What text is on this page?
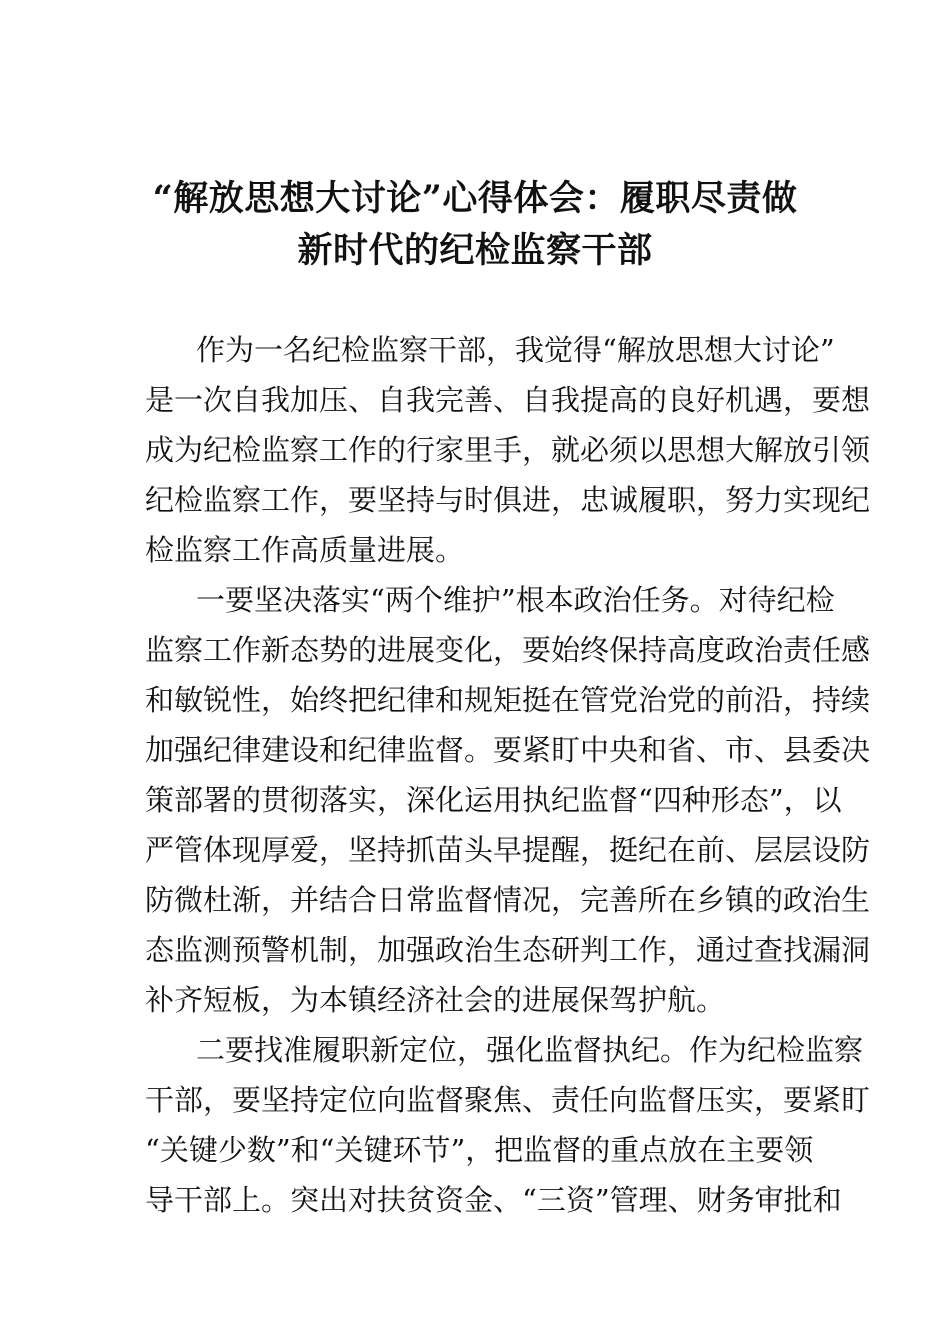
“解放思想大讨论”心得体会：履职尽责做
新时代的纪检监察干部
作为一名纪检监察干部，我觉得“解放思想大讨论”
是一次自我加压、自我完善、自我提高的良好机遇，要想
成为纪检监察工作的行家里手，就必须以思想大解放引领
纪检监察工作，要坚持与时俱进，忠诚履职，努力实现纪
检监察工作高质量进展。
一要坚决落实“两个维护”根本政治任务。对待纪检
监察工作新态势的进展变化，要始终保持高度政治责任感
和敏锐性，始终把纪律和规矩挺在管党治党的前沿，持续
加强纪律建设和纪律监督。要紧盯中央和省、市、县委决
策部署的贯彻落实，深化运用执纪监督“四种形态”，以
严管体现厚爱，坚持抓苗头早提醒，挺纪在前、层层设防
防微杜渐，并结合日常监督情况，完善所在乡镇的政治生
态监测预警机制，加强政治生态研判工作，通过查找漏洞
补齐短板，为本镇经济社会的进展保驾护航。
二要找准履职新定位，强化监督执纪。作为纪检监察
干部，要坚持定位向监督聚焦、责任向监督压实，要紧盯
“关键少数”和“关键环节”，把监督的重点放在主要领
导干部上。突出对扶贫资金、“三资”管理、财务审批和
